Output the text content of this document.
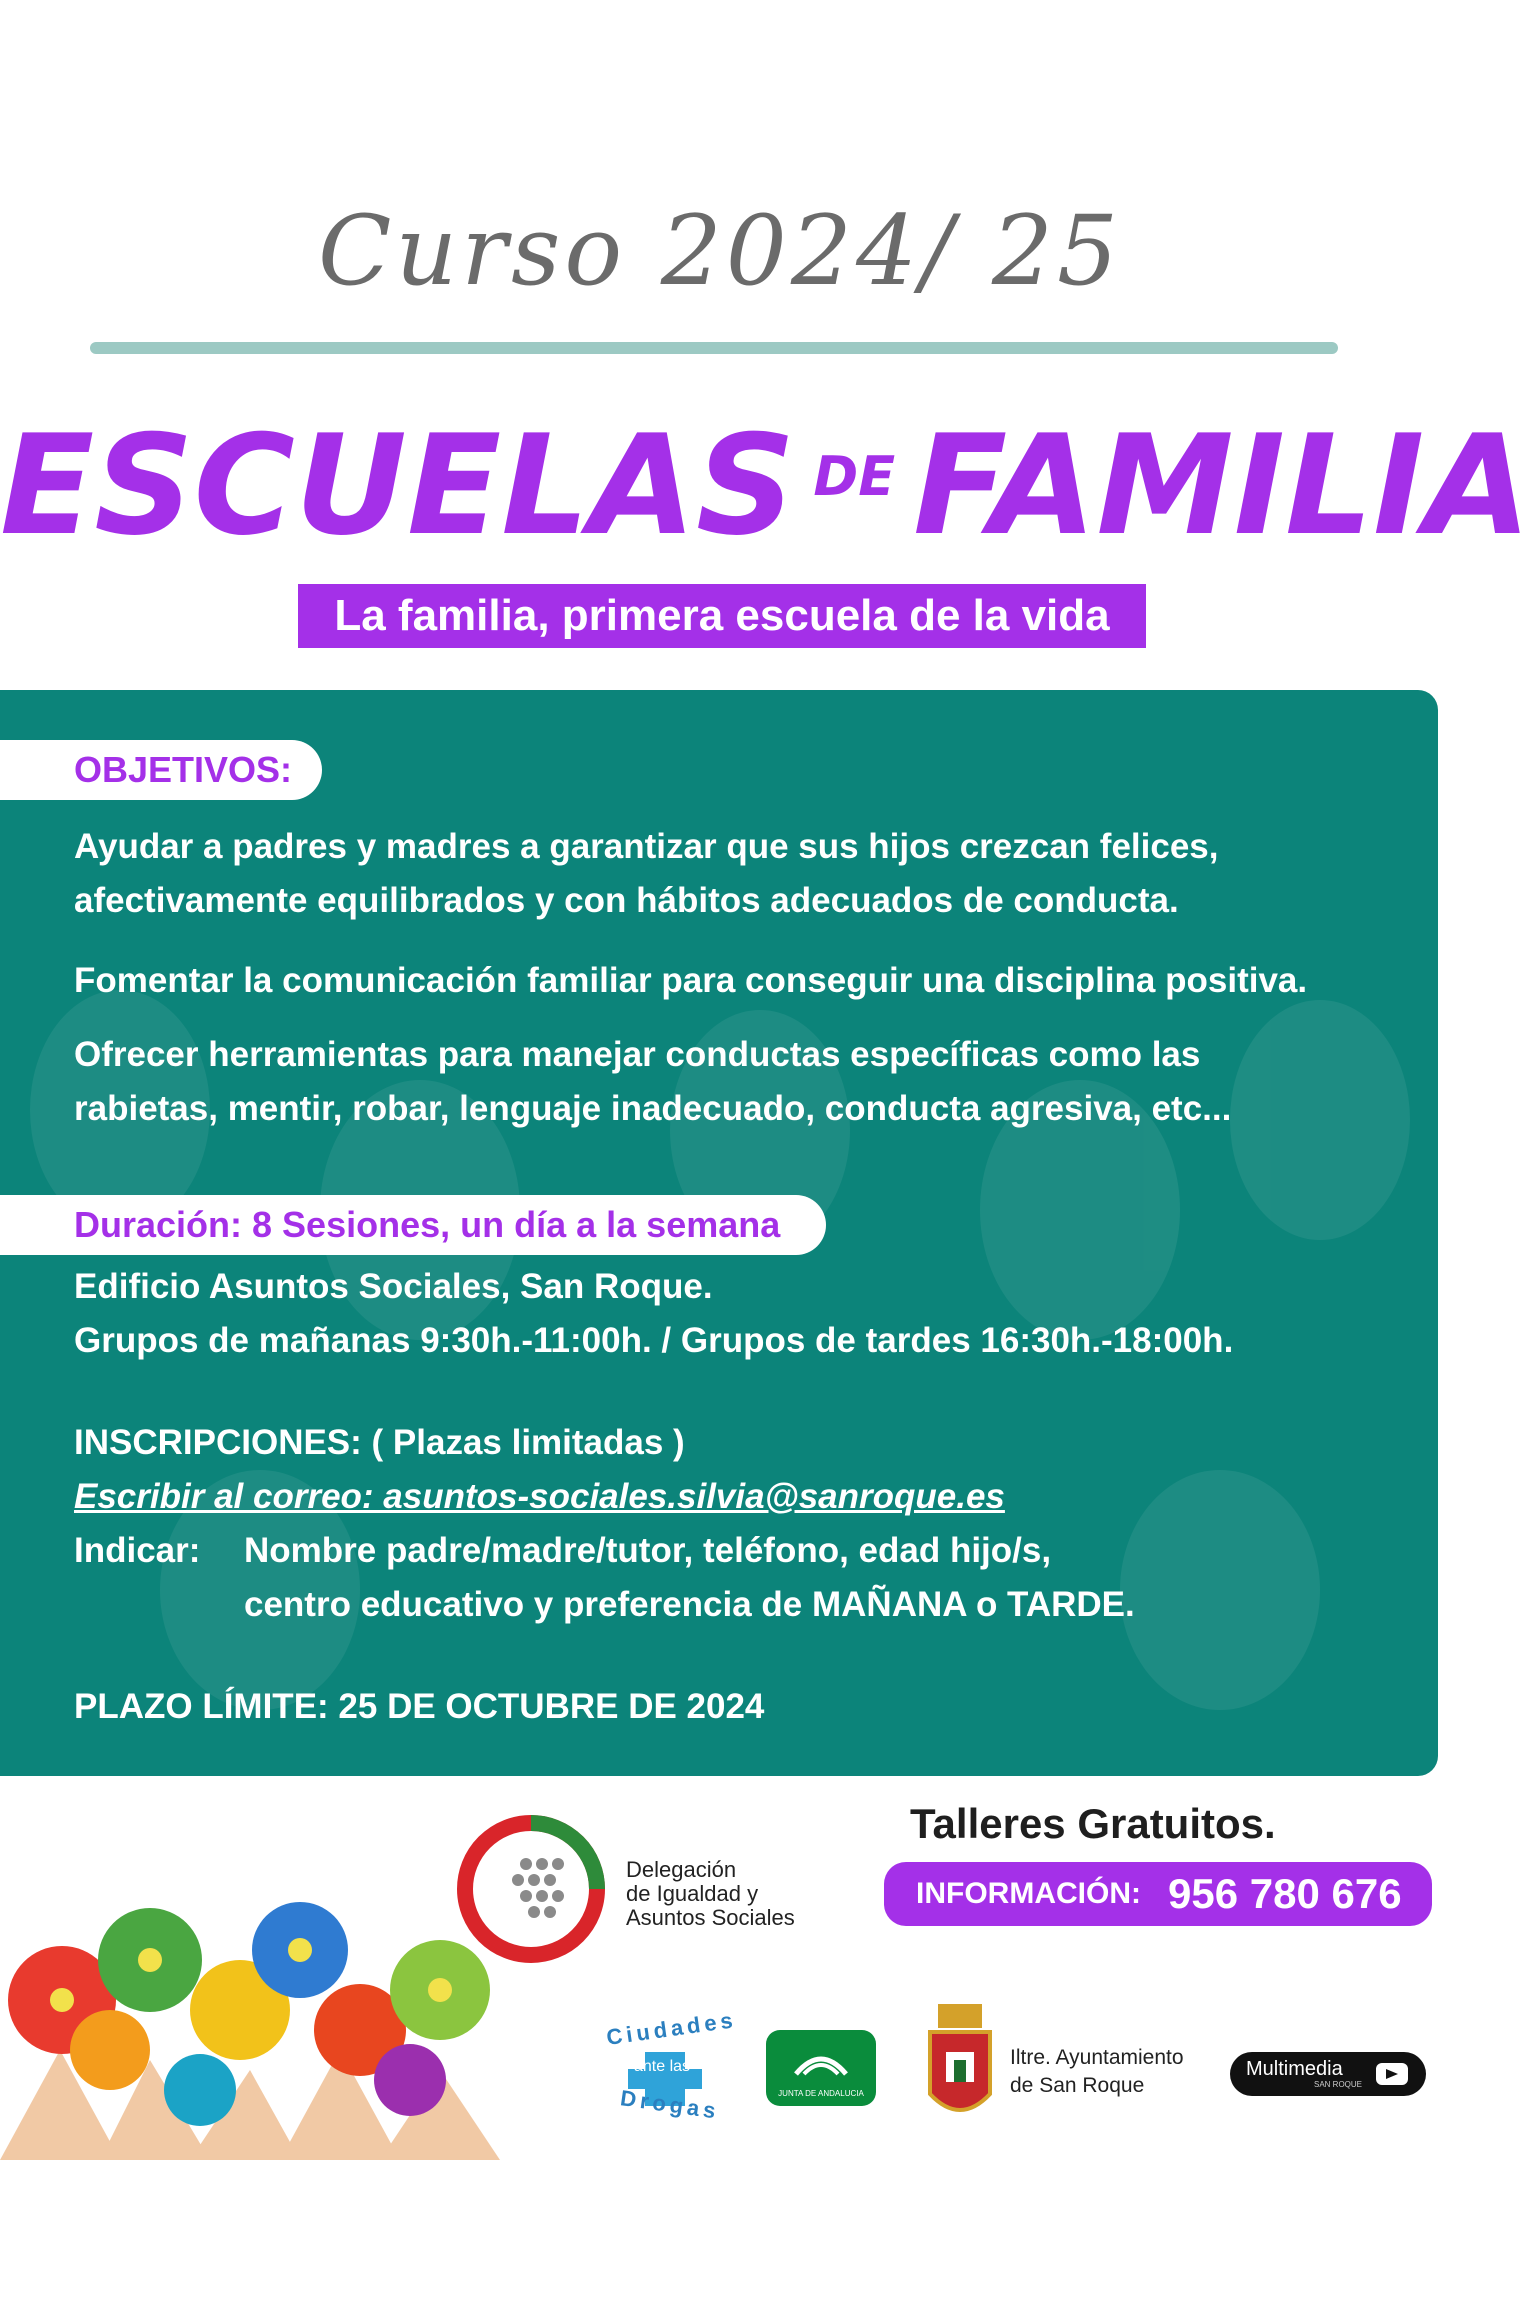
Curso 2024/ 25
ESCUELAS $^{DE}$ FAMILIA
La familia, primera escuela de la vida
OBJETIVOS:
Ayudar a padres y madres a garantizar que sus hijos crezcan felices, afectivamente equilibrados y con hábitos adecuados de conducta.
Fomentar la comunicación familiar para conseguir una disciplina positiva.
Ofrecer herramientas para manejar conductas específicas como las rabietas, mentir, robar, lenguaje inadecuado, conducta agresiva, etc...
Duración: 8 Sesiones, un día a la semana
Edificio Asuntos Sociales, San Roque.
Grupos de mañanas 9:30h.-11:00h. / Grupos de tardes 16:30h.-18:00h.
INSCRIPCIONES: ( Plazas limitadas )
Escribir al correo: asuntos-sociales.silvia@sanroque.es
Indicar:	Nombre padre/madre/tutor, teléfono, edad hijo/s,
centro educativo y preferencia de MAÑANA o TARDE.
PLAZO LÍMITE: 25 DE OCTUBRE DE 2024
Talleres Gratuitos.
INFORMACIÓN: 956 780 676
Delegación
de Igualdad y
Asuntos Sociales
Ciudades
ante las
Drogas	JUNTA DE ANDALUCIA
Iltre. Ayuntamiento
de San Roque
Multimedia
SAN ROQUE
